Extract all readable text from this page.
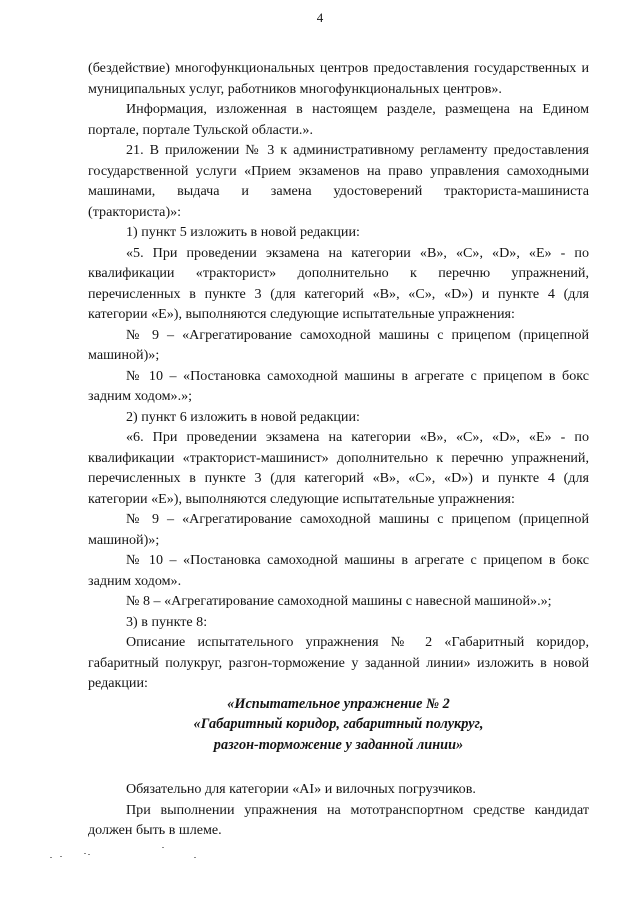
4

(бездействие) многофункциональных центров предоставления государственных и муниципальных услуг, работников многофункциональных центров».

Информация, изложенная в настоящем разделе, размещена на Едином портале, портале Тульской области.».

21. В приложении № 3 к административному регламенту предоставления государственной услуги «Прием экзаменов на право управления самоходными машинами, выдача и замена удостоверений тракториста-машиниста (тракториста)»:

1) пункт 5 изложить в новой редакции:

«5. При проведении экзамена на категории «B», «C», «D», «E» - по квалификации «тракторист» дополнительно к перечню упражнений, перечисленных в пункте 3 (для категорий «B», «C», «D») и пункте 4 (для категории «E»), выполняются следующие испытательные упражнения:

№ 9 – «Агрегатирование самоходной машины с прицепом (прицепной машиной)»;

№ 10 – «Постановка самоходной машины в агрегате с прицепом в бокс задним ходом».»;

2) пункт 6 изложить в новой редакции:

«6. При проведении экзамена на категории «B», «C», «D», «E» - по квалификации «тракторист-машинист» дополнительно к перечню упражнений, перечисленных в пункте 3 (для категорий «B», «C», «D») и пункте 4 (для категории «E»), выполняются следующие испытательные упражнения:

№ 9 – «Агрегатирование самоходной машины с прицепом (прицепной машиной)»;

№ 10 – «Постановка самоходной машины в агрегате с прицепом в бокс задним ходом».

№ 8 – «Агрегатирование самоходной машины с навесной машиной».»;

3) в пункте 8:

Описание испытательного упражнения № 2 «Габаритный коридор, габаритный полукруг, разгон-торможение у заданной линии» изложить в новой редакции:

«Испытательное упражнение № 2
«Габаритный коридор, габаритный полукруг,
разгон-торможение у заданной линии»

Обязательно для категории «AI» и вилочных погрузчиков.

При выполнении упражнения на мототранспортном средстве кандидат должен быть в шлеме.
